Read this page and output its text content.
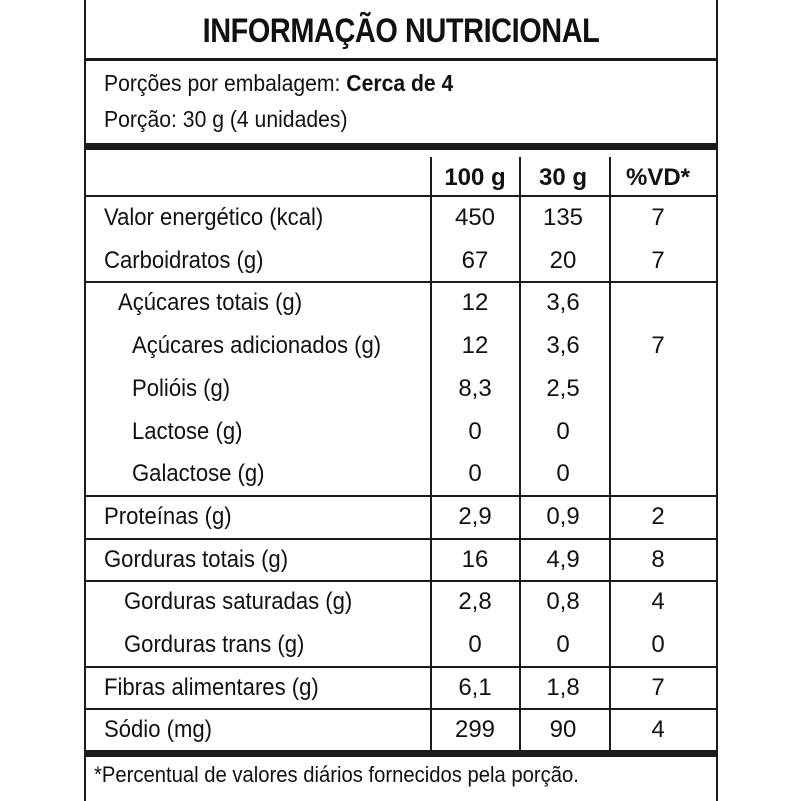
INFORMAÇÃO NUTRICIONAL
Porções por embalagem: Cerca de 4
Porção: 30 g (4 unidades)
100 g	30 g	%VD*
Valor energético (kcal)	450	135	7
Carboidratos (g)	67	20	7
Açúcares totais (g)	12	3,6
Açúcares adicionados (g)	12	3,6	7
Polióis (g)	8,3	2,5
Lactose (g)	0	0
Galactose (g)	0	0
Proteínas (g)	2,9	0,9	2
Gorduras totais (g)	16	4,9	8
Gorduras saturadas (g)	2,8	0,8	4
Gorduras trans (g)	0	0	0
Fibras alimentares (g)	6,1	1,8	7
Sódio (mg)	299	90	4
*Percentual de valores diários fornecidos pela porção.
